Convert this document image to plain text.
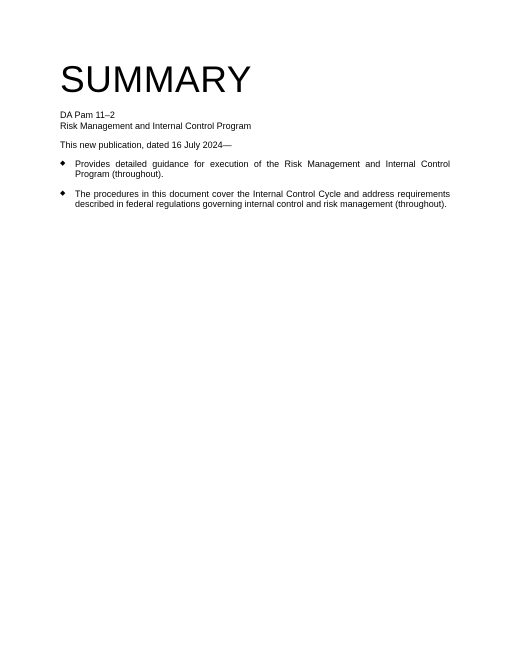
SUMMARY
DA Pam 11–2
Risk Management and Internal Control Program
This new publication, dated 16 July 2024—
◆ Provides detailed guidance for execution of the Risk Management and Internal Control Program (throughout).
◆ The procedures in this document cover the Internal Control Cycle and address requirements described in federal regulations governing internal control and risk management (throughout).
